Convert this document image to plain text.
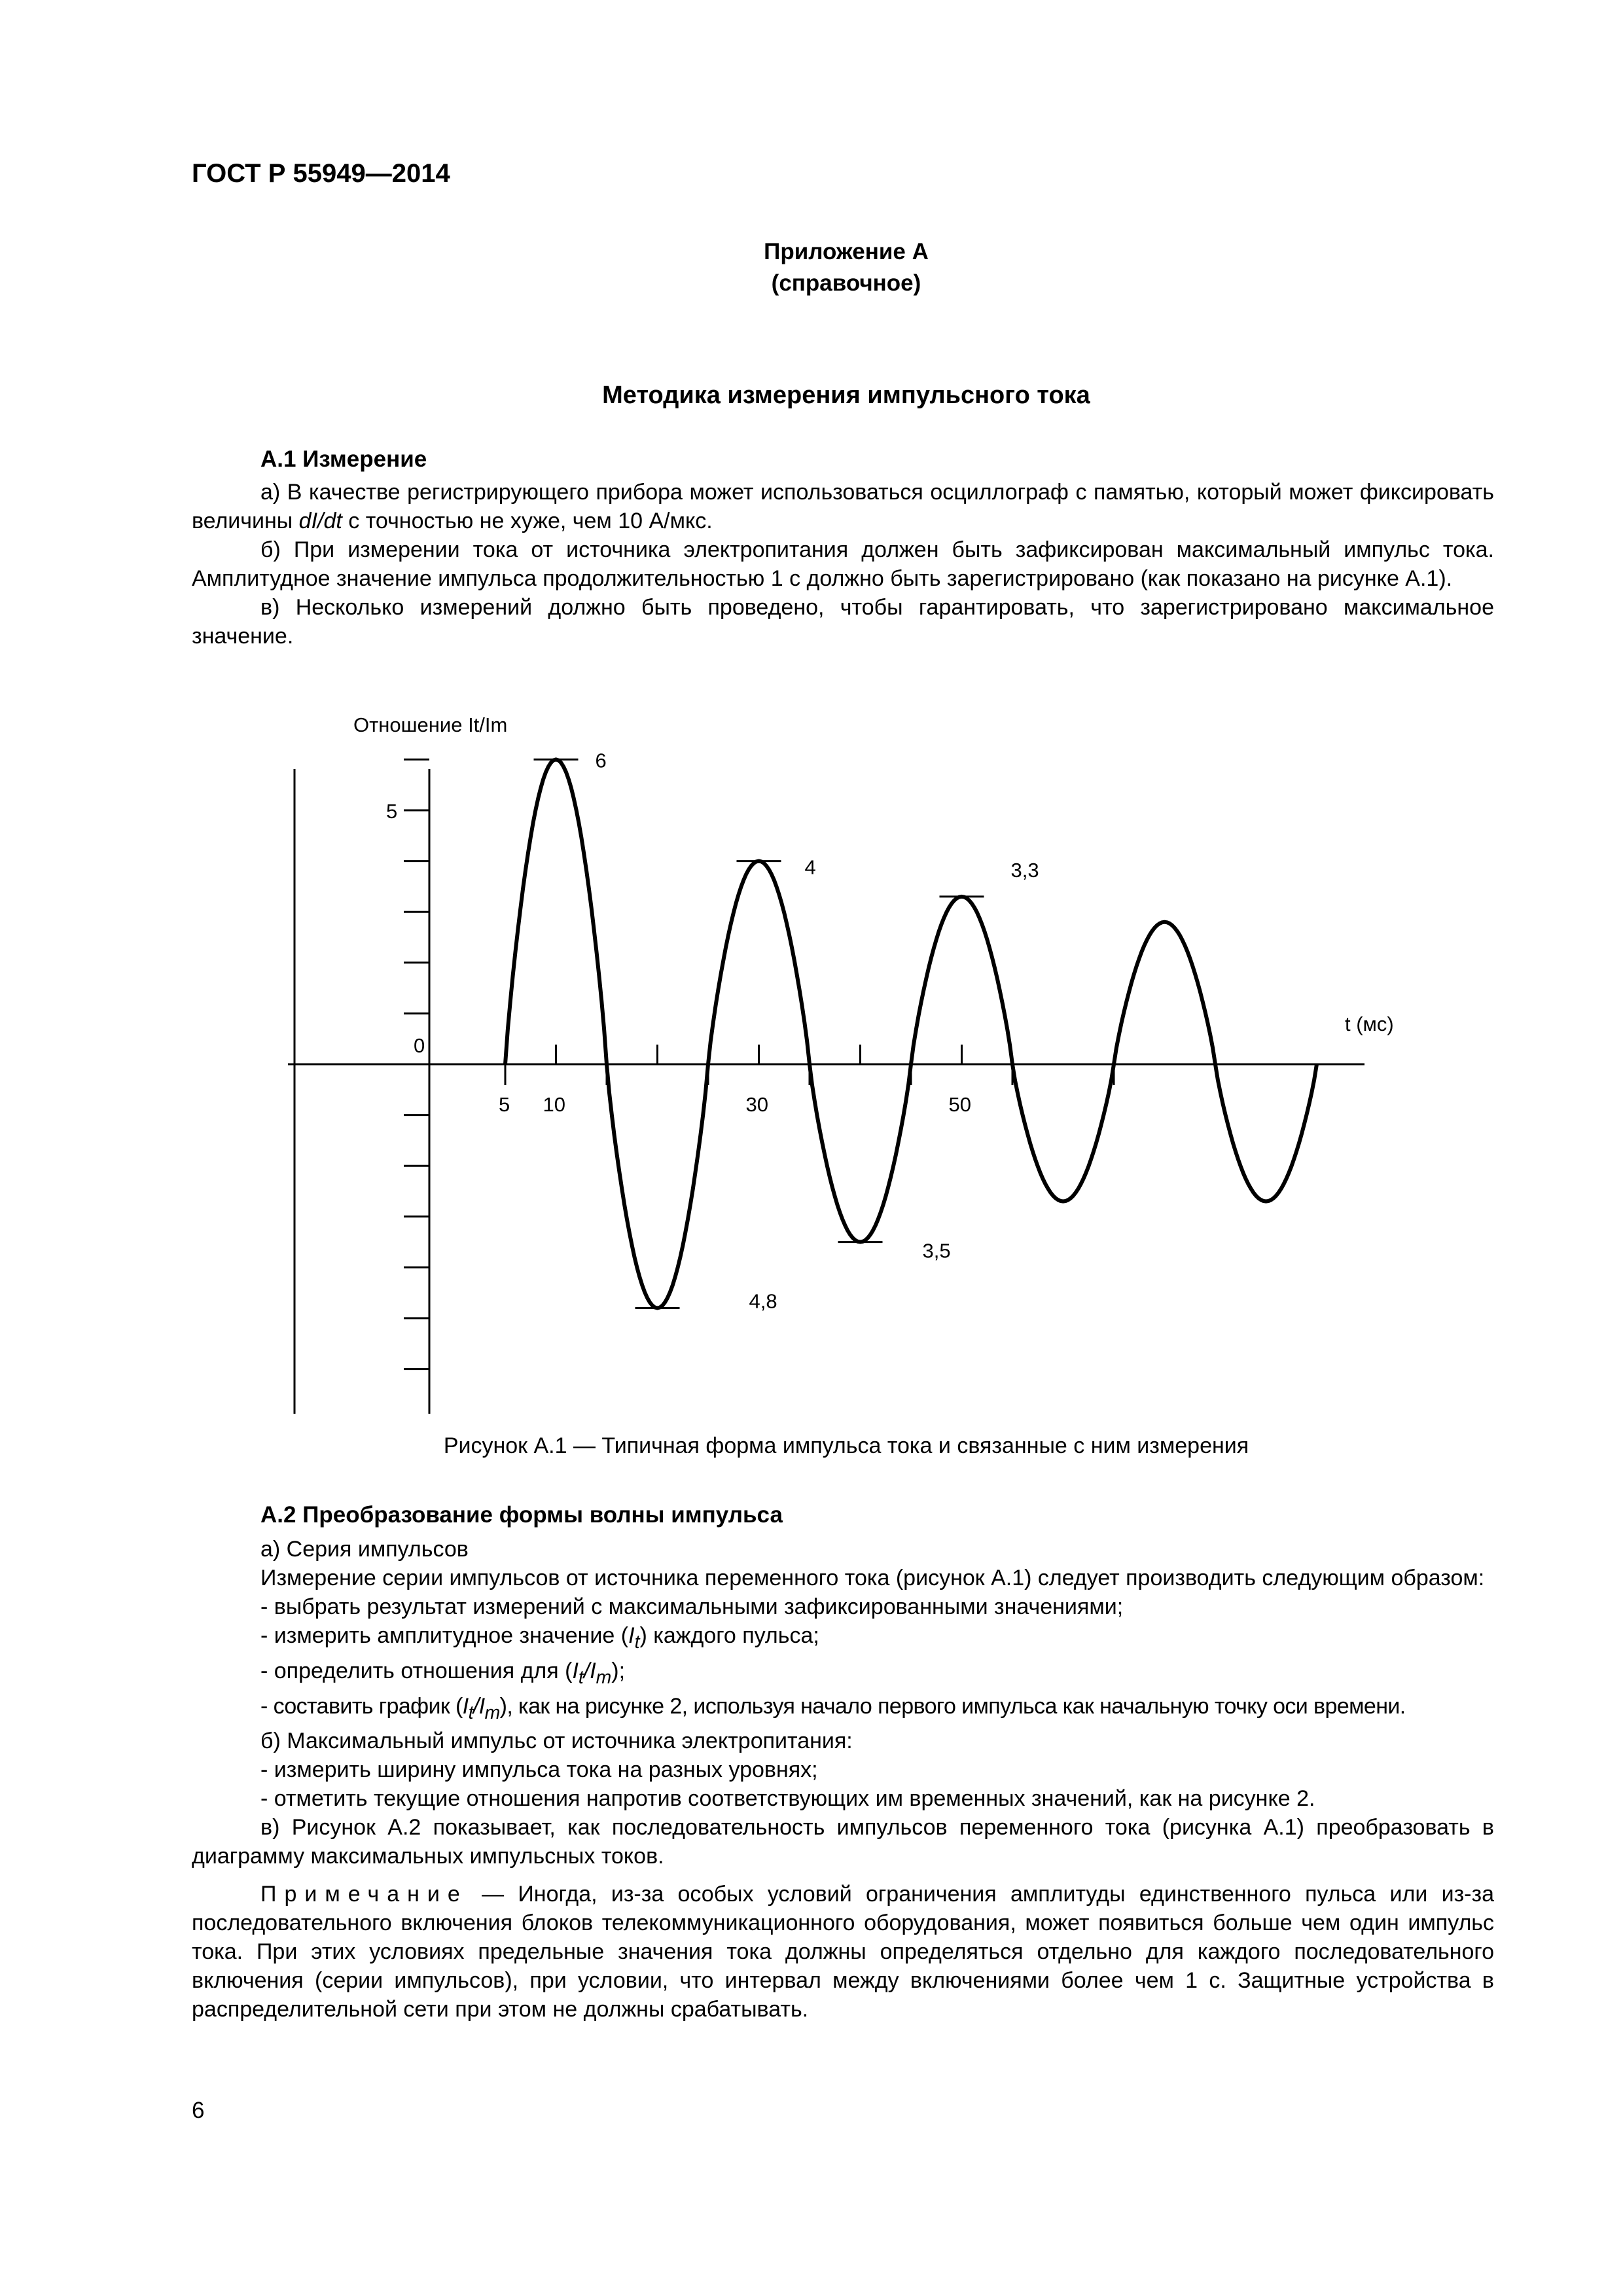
ГОСТ Р 55949—2014
Приложение А
(справочное)
Методика измерения импульсного тока
А.1 Измерение

а) В качестве регистрирующего прибора может использоваться осциллограф с памятью, который может фиксировать величины dI/dt с точностью не хуже, чем 10 А/мкс.

б) При измерении тока от источника электропитания должен быть зафиксирован максимальный импульс тока. Амплитудное значение импульса продолжительностью 1 с должно быть зарегистрировано (как показано на рисунке А.1).

в) Несколько измерений должно быть проведено, чтобы гарантировать, что зарегистрировано максимальное значение.

Отношение It/Im
t (мс)
5
0
5 10	30	50
6
4,8
4
3,5
3,3
Рисунок А.1 — Типичная форма импульса тока и связанные с ним измерения
А.2 Преобразование формы волны импульса

а) Серия импульсов

Измерение серии импульсов от источника переменного тока (рисунок А.1) следует производить следующим образом:

- выбрать результат измерений с максимальными зафиксированными значениями;

- измерить амплитудное значение $(I_t)$ каждого пульса;

- определить отношения для $(I_t/I_m)$;

- составить график $(I_t/I_m)$, как на рисунке 2, используя начало первого импульса как начальную точку оси времени.

б) Максимальный импульс от источника электропитания:

- измерить ширину импульса тока на разных уровнях;

- отметить текущие отношения напротив соответствующих им временных значений, как на рисунке 2.

в) Рисунок А.2 показывает, как последовательность импульсов переменного тока (рисунка А.1) преобразовать в диаграмму максимальных импульсных токов.

Примечание — Иногда, из-за особых условий ограничения амплитуды единственного пульса или из-за последовательного включения блоков телекоммуникационного оборудования, может появиться больше чем один импульс тока. При этих условиях предельные значения тока должны определяться отдельно для каждого последовательного включения (серии импульсов), при условии, что интервал между включениями более чем 1 с. Защитные устройства в распределительной сети при этом не должны срабатывать.

6
